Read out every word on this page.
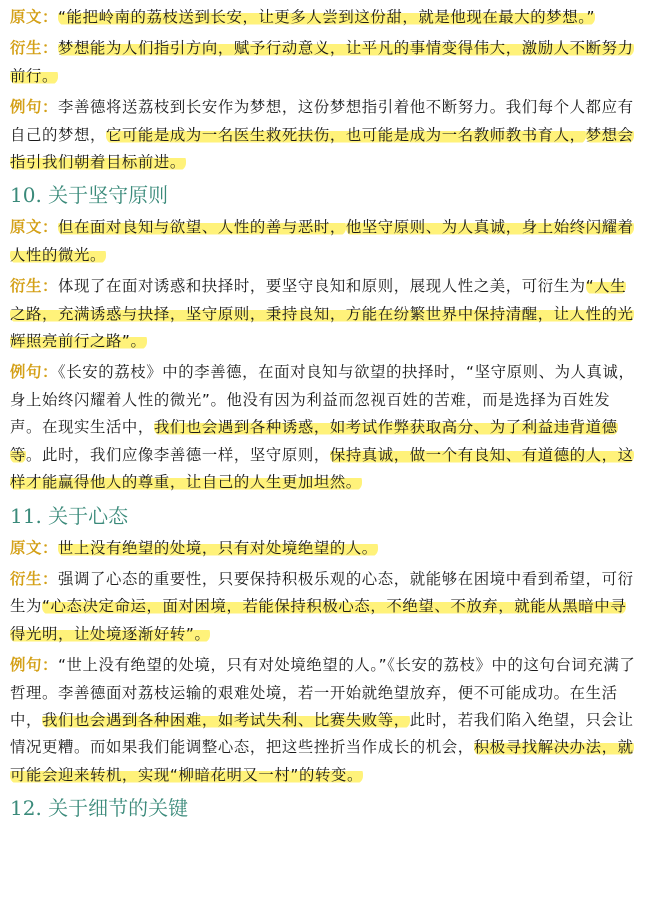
原文：“能把岭南的荔枝送到长安，让更多人尝到这份甜，就是他现在最大的梦想。”

衍生：梦想能为人们指引方向，赋予行动意义，让平凡的事情变得伟大，激励人不断努力前行。

例句：李善德将送荔枝到长安作为梦想，这份梦想指引着他不断努力。我们每个人都应有自己的梦想，它可能是成为一名医生救死扶伤，也可能是成为一名教师教书育人，梦想会指引我们朝着目标前进。

10. 关于坚守原则

原文：但在面对良知与欲望、人性的善与恶时，他坚守原则、为人真诚，身上始终闪耀着人性的微光。

衍生：体现了在面对诱惑和抉择时，要坚守良知和原则，展现人性之美，可衍生为“人生之路，充满诱惑与抉择，坚守原则，秉持良知，方能在纷繁世界中保持清醒，让人性的光辉照亮前行之路”。

例句：《长安的荔枝》中的李善德，在面对良知与欲望的抉择时，“坚守原则、为人真诚，身上始终闪耀着人性的微光”。他没有因为利益而忽视百姓的苦难，而是选择为百姓发声。在现实生活中，我们也会遇到各种诱惑，如考试作弊获取高分、为了利益违背道德等。此时，我们应像李善德一样，坚守原则，保持真诚，做一个有良知、有道德的人，这样才能赢得他人的尊重，让自己的人生更加坦然。

11. 关于心态

原文：世上没有绝望的处境，只有对处境绝望的人。

衍生：强调了心态的重要性，只要保持积极乐观的心态，就能够在困境中看到希望，可衍生为“心态决定命运，面对困境，若能保持积极心态，不绝望、不放弃，就能从黑暗中寻得光明，让处境逐渐好转”。

例句：“世上没有绝望的处境，只有对处境绝望的人。”《长安的荔枝》中的这句台词充满了哲理。李善德面对荔枝运输的艰难处境，若一开始就绝望放弃，便不可能成功。在生活中，我们也会遇到各种困难，如考试失利、比赛失败等，此时，若我们陷入绝望，只会让情况更糟。而如果我们能调整心态，把这些挫折当作成长的机会，积极寻找解决办法，就可能会迎来转机，实现“柳暗花明又一村”的转变。

12. 关于细节的关键
